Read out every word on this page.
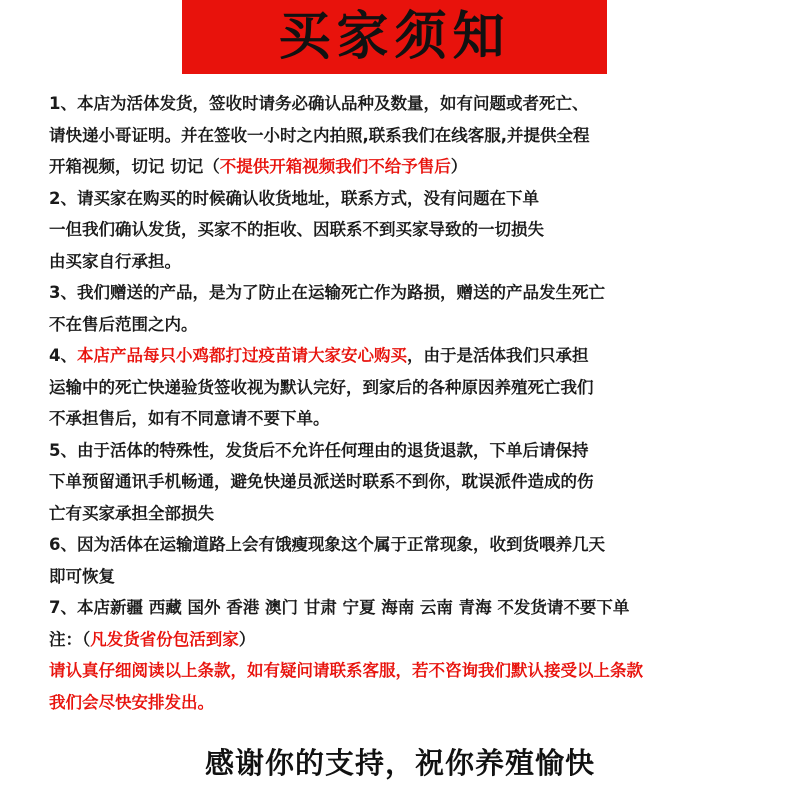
买家须知
1、本店为活体发货，签收时请务必确认品种及数量，如有问题或者死亡、
请快递小哥证明。并在签收一小时之内拍照,联系我们在线客服,并提供全程
开箱视频，切记 切记（不提供开箱视频我们不给予售后）
2、请买家在购买的时候确认收货地址，联系方式，没有问题在下单
一但我们确认发货，买家不的拒收、因联系不到买家导致的一切损失
由买家自行承担。
3、我们赠送的产品，是为了防止在运输死亡作为路损，赠送的产品发生死亡
不在售后范围之内。
4、本店产品每只小鸡都打过疫苗请大家安心购买，由于是活体我们只承担
运输中的死亡快递验货签收视为默认完好，到家后的各种原因养殖死亡我们
不承担售后，如有不同意请不要下单。
5、由于活体的特殊性，发货后不允许任何理由的退货退款，下单后请保持
下单预留通讯手机畅通，避免快递员派送时联系不到你，耽误派件造成的伤
亡有买家承担全部损失
6、因为活体在运输道路上会有饿瘦现象这个属于正常现象，收到货喂养几天
即可恢复
7、本店新疆 西藏 国外 香港 澳门 甘肃 宁夏 海南 云南 青海 不发货请不要下单
注：（凡发货省份包活到家）
请认真仔细阅读以上条款，如有疑问请联系客服，若不咨询我们默认接受以上条款
我们会尽快安排发出。
感谢你的支持，祝你养殖愉快
